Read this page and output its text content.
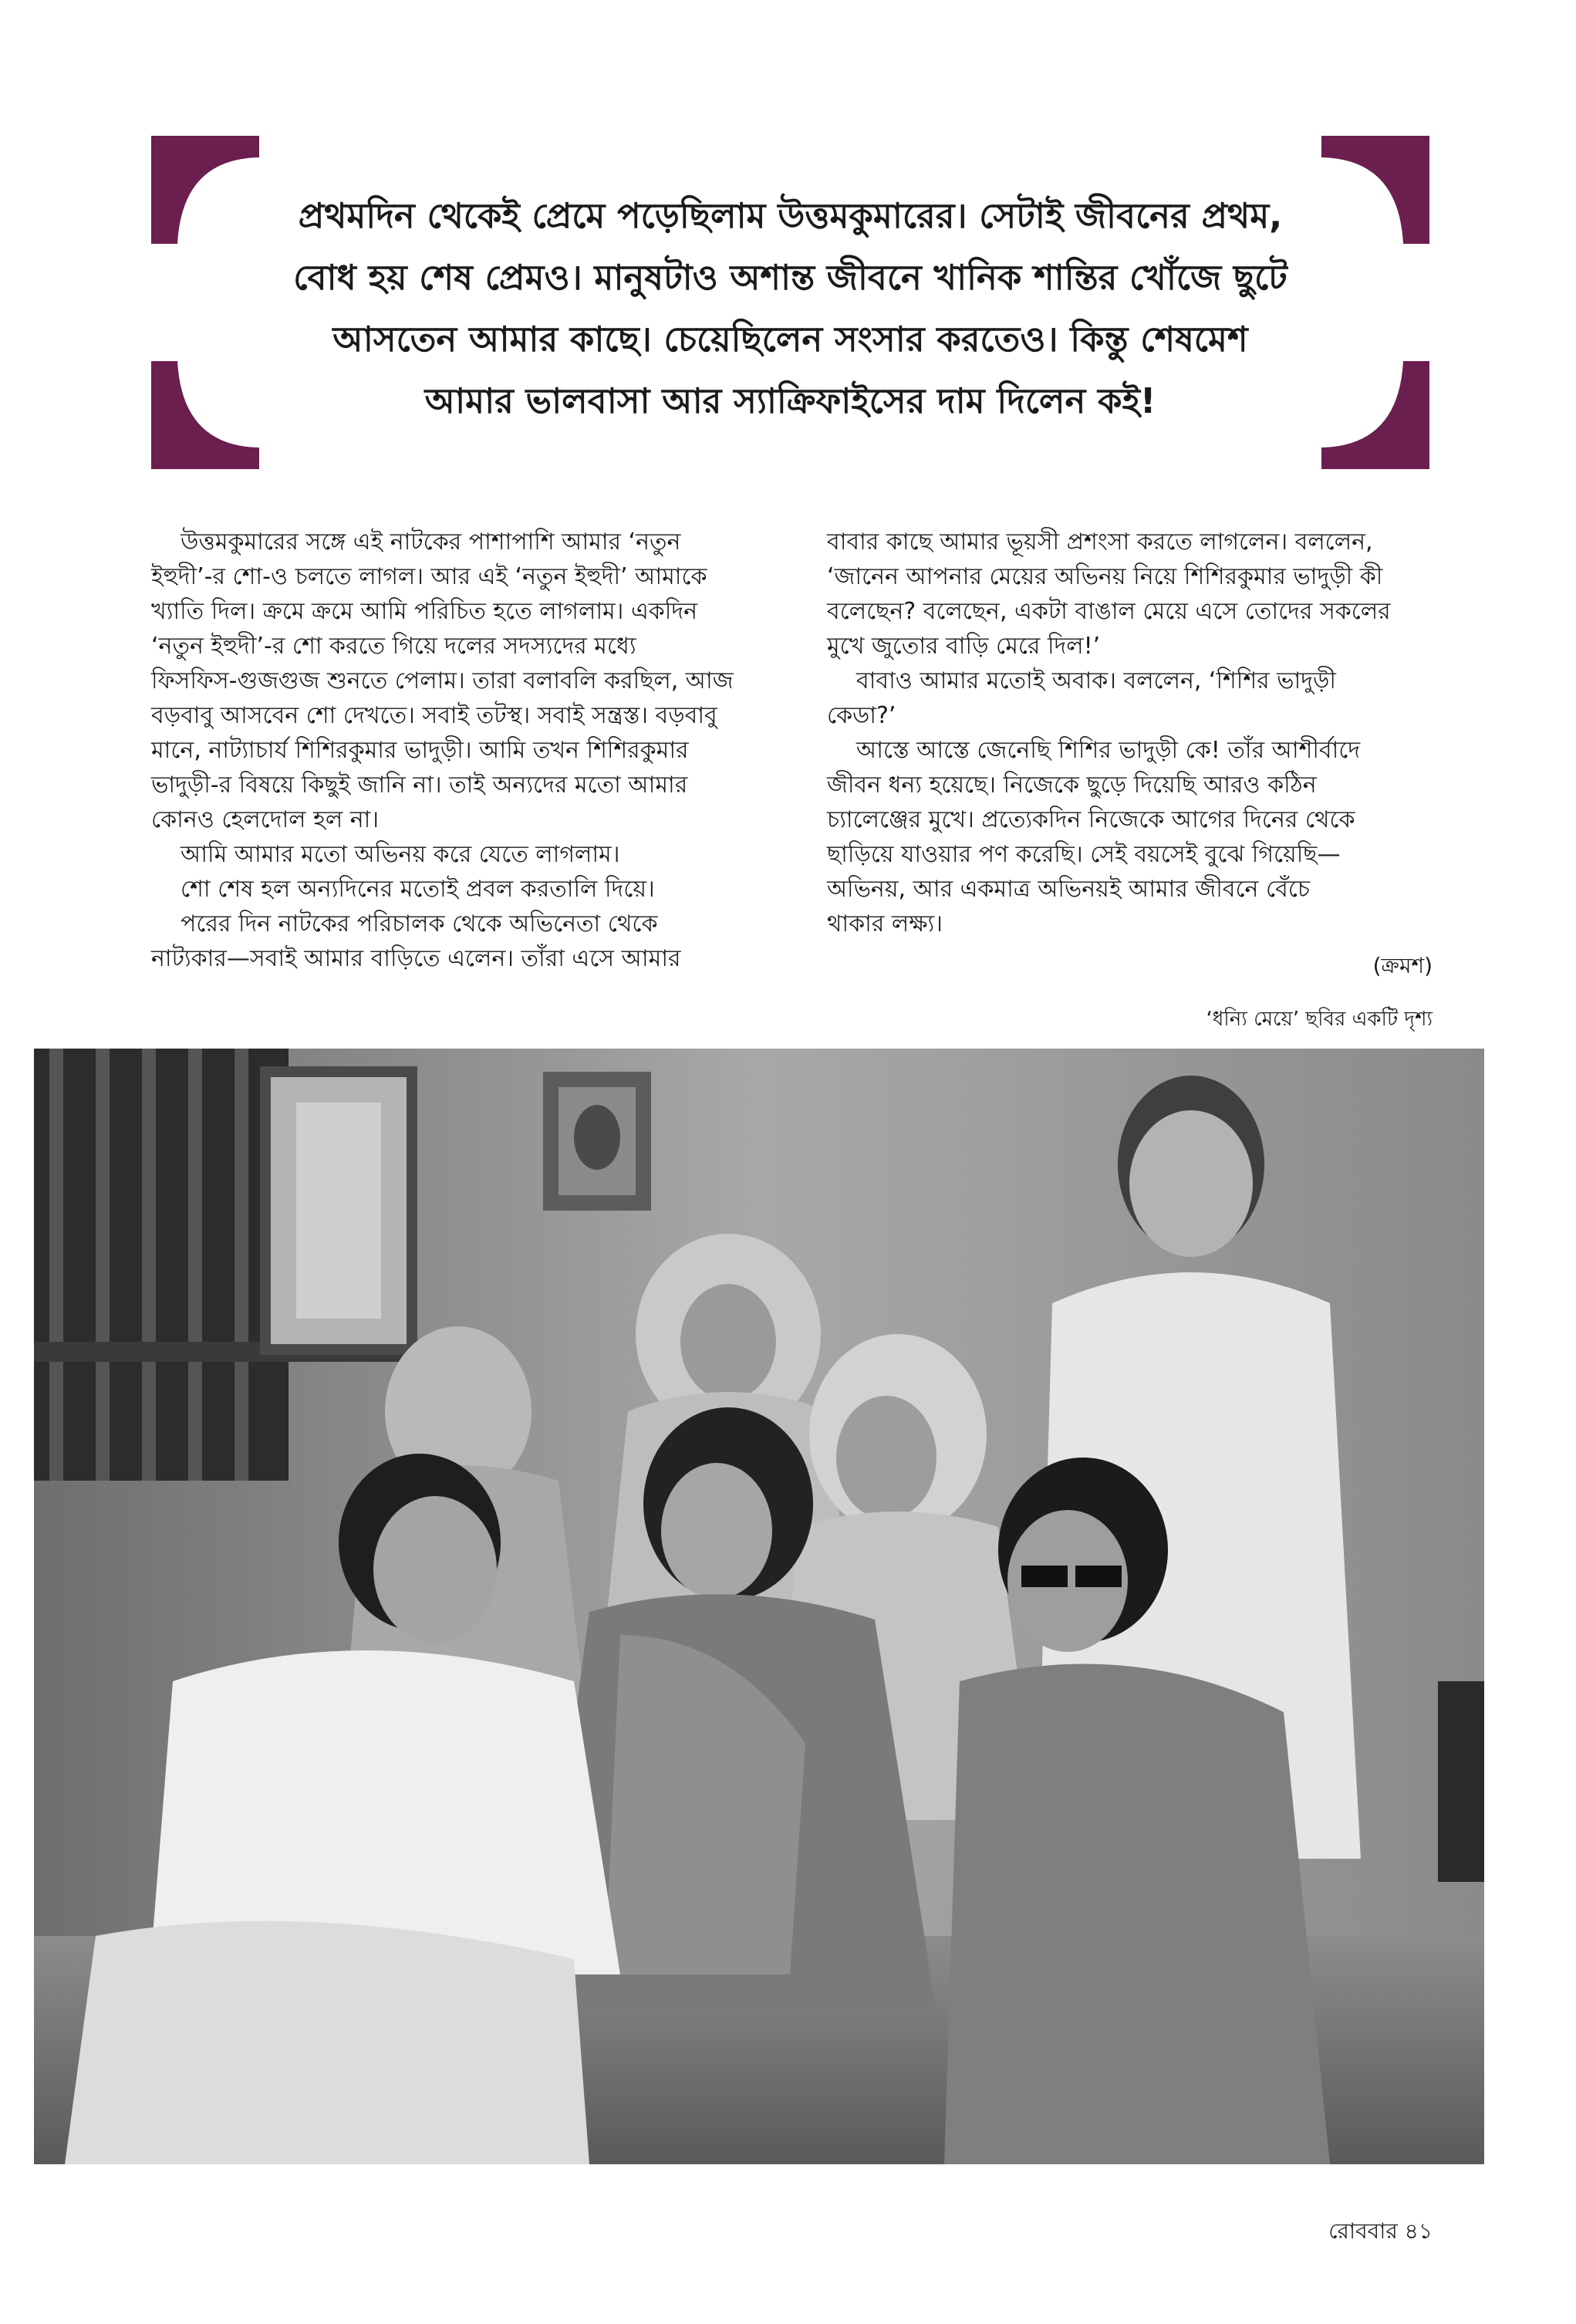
প্রথমদিন থেকেই প্রেমে পড়েছিলাম উত্তমকুমারের। সেটাই জীবনের প্রথম,
বোধ হয় শেষ প্রেমও। মানুষটাও অশান্ত জীবনে খানিক শান্তির খোঁজে ছুটে
আসতেন আমার কাছে। চেয়েছিলেন সংসার করতেও। কিন্তু শেষমেশ
আমার ভালবাসা আর স্যাক্রিফাইসের দাম দিলেন কই!
উত্তমকুমারের সঙ্গে এই নাটকের পাশাপাশি আমার ‘নতুন
ইহুদী’-র শো-ও চলতে লাগল। আর এই ‘নতুন ইহুদী’ আমাকে
খ্যাতি দিল। ক্রমে ক্রমে আমি পরিচিত হতে লাগলাম। একদিন
‘নতুন ইহুদী’-র শো করতে গিয়ে দলের সদস্যদের মধ্যে
ফিসফিস-গুজগুজ শুনতে পেলাম। তারা বলাবলি করছিল, আজ
বড়বাবু আসবেন শো দেখতে। সবাই তটস্থ। সবাই সন্ত্রস্ত। বড়বাবু
মানে, নাট্যাচার্য শিশিরকুমার ভাদুড়ী। আমি তখন শিশিরকুমার
ভাদুড়ী-র বিষয়ে কিছুই জানি না। তাই অন্যদের মতো আমার
কোনও হেলদোল হল না।
আমি আমার মতো অভিনয় করে যেতে লাগলাম।
শো শেষ হল অন্যদিনের মতোই প্রবল করতালি দিয়ে।
পরের দিন নাটকের পরিচালক থেকে অভিনেতা থেকে
নাট্যকার—সবাই আমার বাড়িতে এলেন। তাঁরা এসে আমার
বাবার কাছে আমার ভূয়সী প্রশংসা করতে লাগলেন। বললেন,
‘জানেন আপনার মেয়ের অভিনয় নিয়ে শিশিরকুমার ভাদুড়ী কী
বলেছেন? বলেছেন, একটা বাঙাল মেয়ে এসে তোদের সকলের
মুখে জুতোর বাড়ি মেরে দিল!’
বাবাও আমার মতোই অবাক। বললেন, ‘শিশির ভাদুড়ী
কেডা?’
আস্তে আস্তে জেনেছি শিশির ভাদুড়ী কে! তাঁর আশীর্বাদে
জীবন ধন্য হয়েছে। নিজেকে ছুড়ে দিয়েছি আরও কঠিন
চ্যালেঞ্জের মুখে। প্রত্যেকদিন নিজেকে আগের দিনের থেকে
ছাড়িয়ে যাওয়ার পণ করেছি। সেই বয়সেই বুঝে গিয়েছি—
অভিনয়, আর একমাত্র অভিনয়ই আমার জীবনে বেঁচে
থাকার লক্ষ্য।
(ক্রমশ)
‘ধন্যি মেয়ে’ ছবির একটি দৃশ্য
রোববার ৪১
